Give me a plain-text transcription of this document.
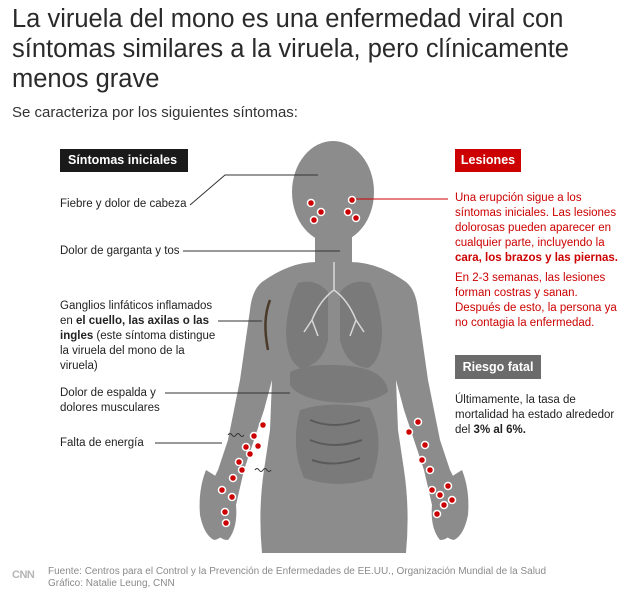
La viruela del mono es una enfermedad viral con síntomas similares a la viruela, pero clínicamente menos grave
Se caracteriza por los siguientes síntomas:
Síntomas iniciales	Lesiones
Riesgo fatal
Fiebre y dolor de cabeza
Dolor de garganta y tos
Ganglios linfáticos inflamados en el cuello, las axilas o las ingles (este síntoma distingue la viruela del mono de la viruela)
Dolor de espalda y dolores musculares
Falta de energía
Una erupción sigue a los síntomas iniciales. Las lesiones dolorosas pueden aparecer en cualquier parte, incluyendo la cara, los brazos y las piernas.
En 2-3 semanas, las lesiones forman costras y sanan. Después de esto, la persona ya no contagia la enfermedad.
Últimamente, la tasa de mortalidad ha estado alrededor del 3% al 6%.
CNN Fuente: Centros para el Control y la Prevención de Enfermedades de EE.UU., Organización Mundial de la Salud
Gráfico: Natalie Leung, CNN
